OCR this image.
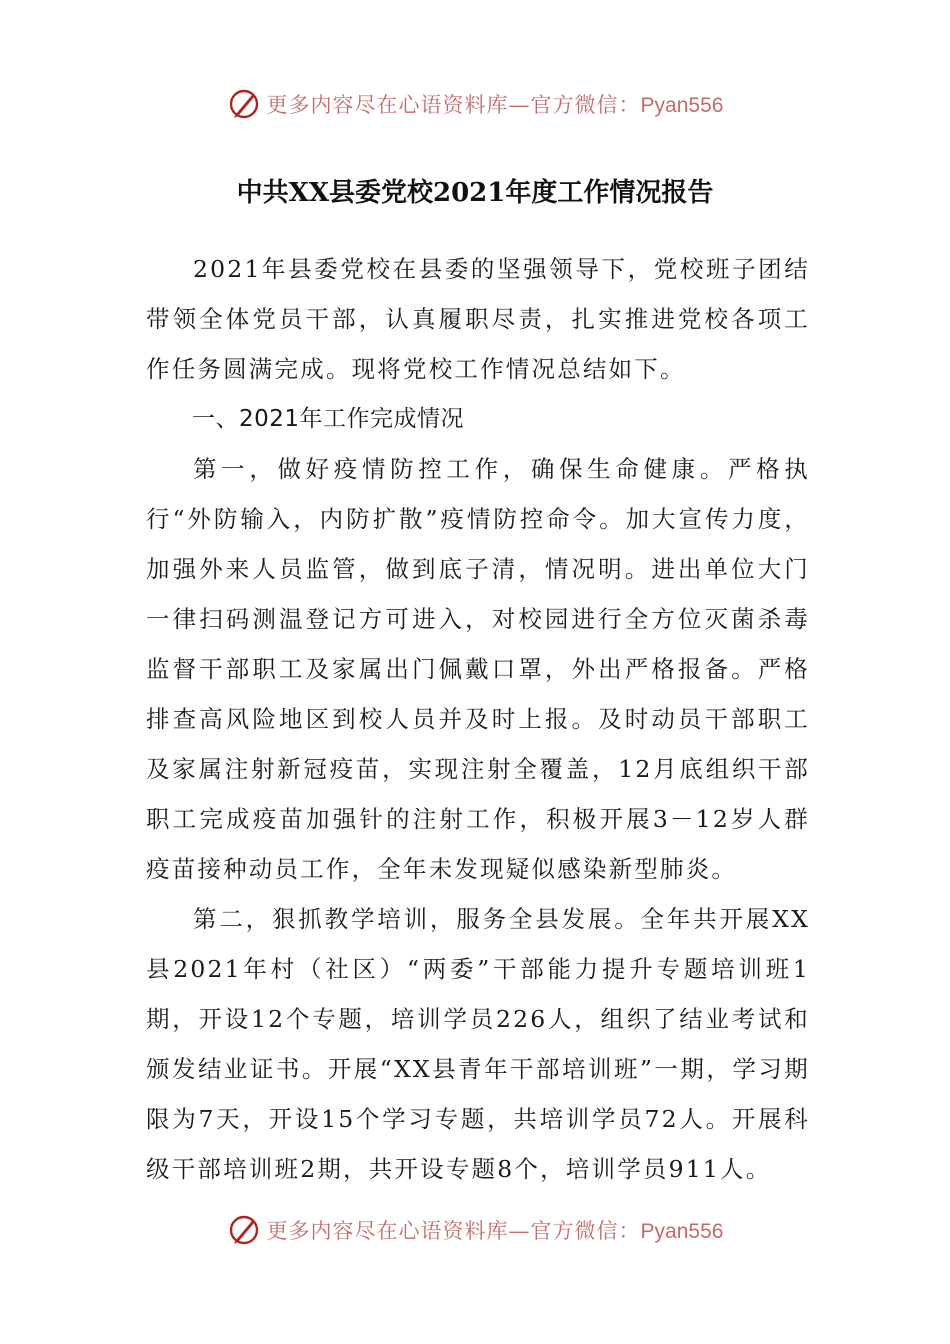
更多内容尽在心语资料库—官方微信：Pyan556
中共XX县委党校2021年度工作情况报告

2021年县委党校在县委的坚强领导下，党校班子团结带领全体党员干部，认真履职尽责，扎实推进党校各项工作任务圆满完成。现将党校工作情况总结如下。

一、2021年工作完成情况

第一，做好疫情防控工作，确保生命健康。严格执行“外防输入，内防扩散”疫情防控命令。加大宣传力度，加强外来人员监管，做到底子清，情况明。进出单位大门一律扫码测温登记方可进入，对校园进行全方位灭菌杀毒监督干部职工及家属出门佩戴口罩，外出严格报备。严格排查高风险地区到校人员并及时上报。及时动员干部职工及家属注射新冠疫苗，实现注射全覆盖，12月底组织干部职工完成疫苗加强针的注射工作，积极开展3－12岁人群疫苗接种动员工作，全年未发现疑似感染新型肺炎。

第二，狠抓教学培训，服务全县发展。全年共开展XX县2021年村（社区）“两委”干部能力提升专题培训班1期，开设12个专题，培训学员226人，组织了结业考试和颁发结业证书。开展“XX县青年干部培训班”一期，学习期限为7天，开设15个学习专题，共培训学员72人。开展科级干部培训班2期，共开设专题8个，培训学员911人。

更多内容尽在心语资料库—官方微信：Pyan556
